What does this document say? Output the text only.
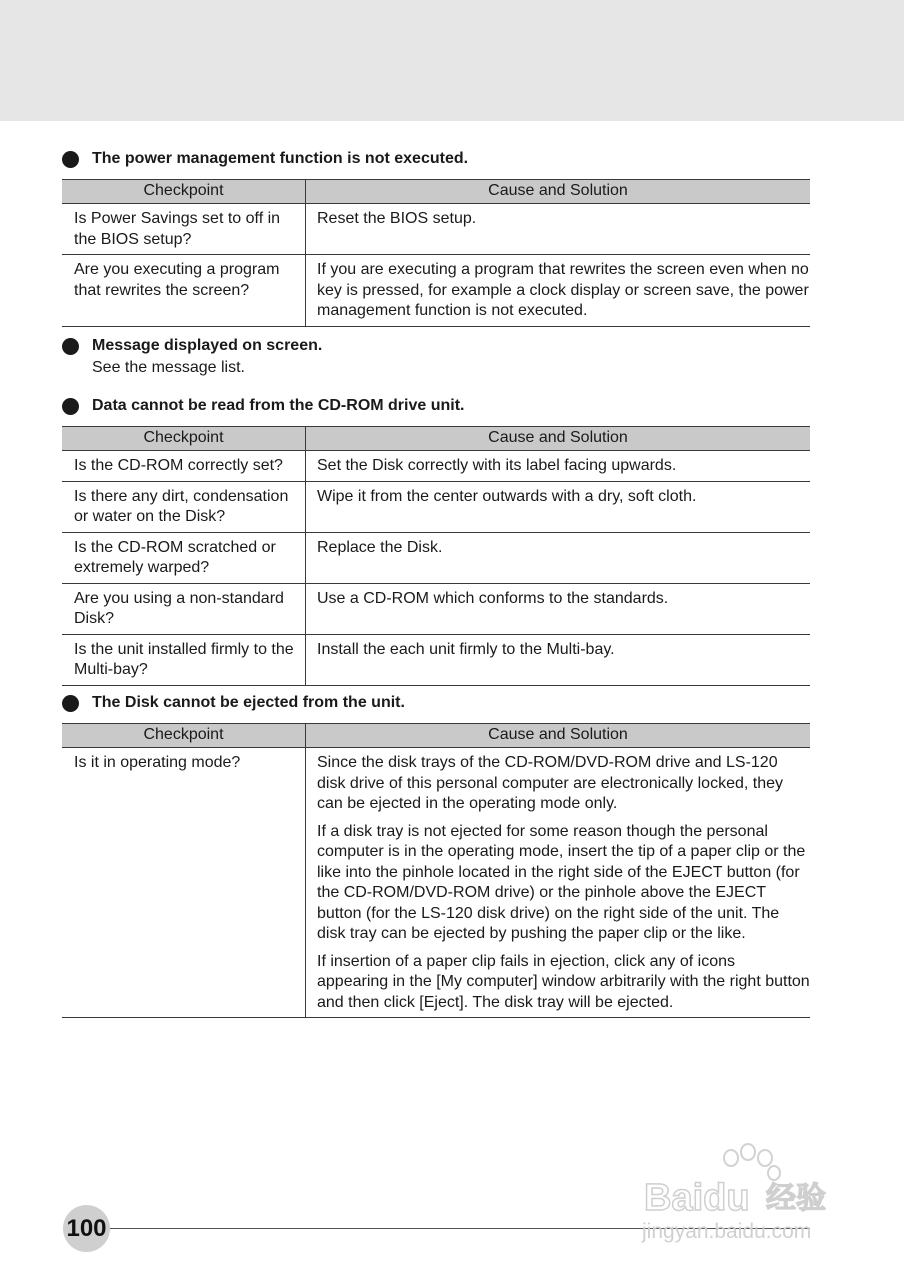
The power management function is not executed.
Checkpoint	Cause and Solution
Is Power Savings set to off in the BIOS setup?	Reset the BIOS setup.

Are you executing a program that rewrites the screen?	If you are executing a program that rewrites the screen even when no key is pressed, for example a clock display or screen save, the power management function is not executed.
Message displayed on screen.
See the message list.
Data cannot be read from the CD-ROM drive unit.
Checkpoint	Cause and Solution
Is the CD-ROM correctly set?	Set the Disk correctly with its label facing upwards.

Is there any dirt, condensation or water on the Disk?	Wipe it from the center outwards with a dry, soft cloth.

Is the CD-ROM scratched or extremely warped?	Replace the Disk.

Are you using a non-standard Disk?	Use a CD-ROM which conforms to the standards.

Is the unit installed firmly to the Multi-bay?	Install the each unit firmly to the Multi-bay.
The Disk cannot be ejected from the unit.
Checkpoint	Cause and Solution
Is it in operating mode?	Since the disk trays of the CD-ROM/DVD-ROM drive and LS-120 disk drive of this personal computer are electronically locked, they can be ejected in the operating mode only.
If a disk tray is not ejected for some reason though the personal computer is in the operating mode, insert the tip of a paper clip or the like into the pinhole located in the right side of the EJECT button (for the CD-ROM/DVD-ROM drive) or the pinhole above the EJECT button (for the LS-120 disk drive) on the right side of the unit. The disk tray can be ejected by pushing the paper clip or the like.
If insertion of a paper clip fails in ejection, click any of icons appearing in the [My computer] window arbitrarily with the right button and then click [Eject]. The disk tray will be ejected.
100
Baidu 经验
jingyan.baidu.com
